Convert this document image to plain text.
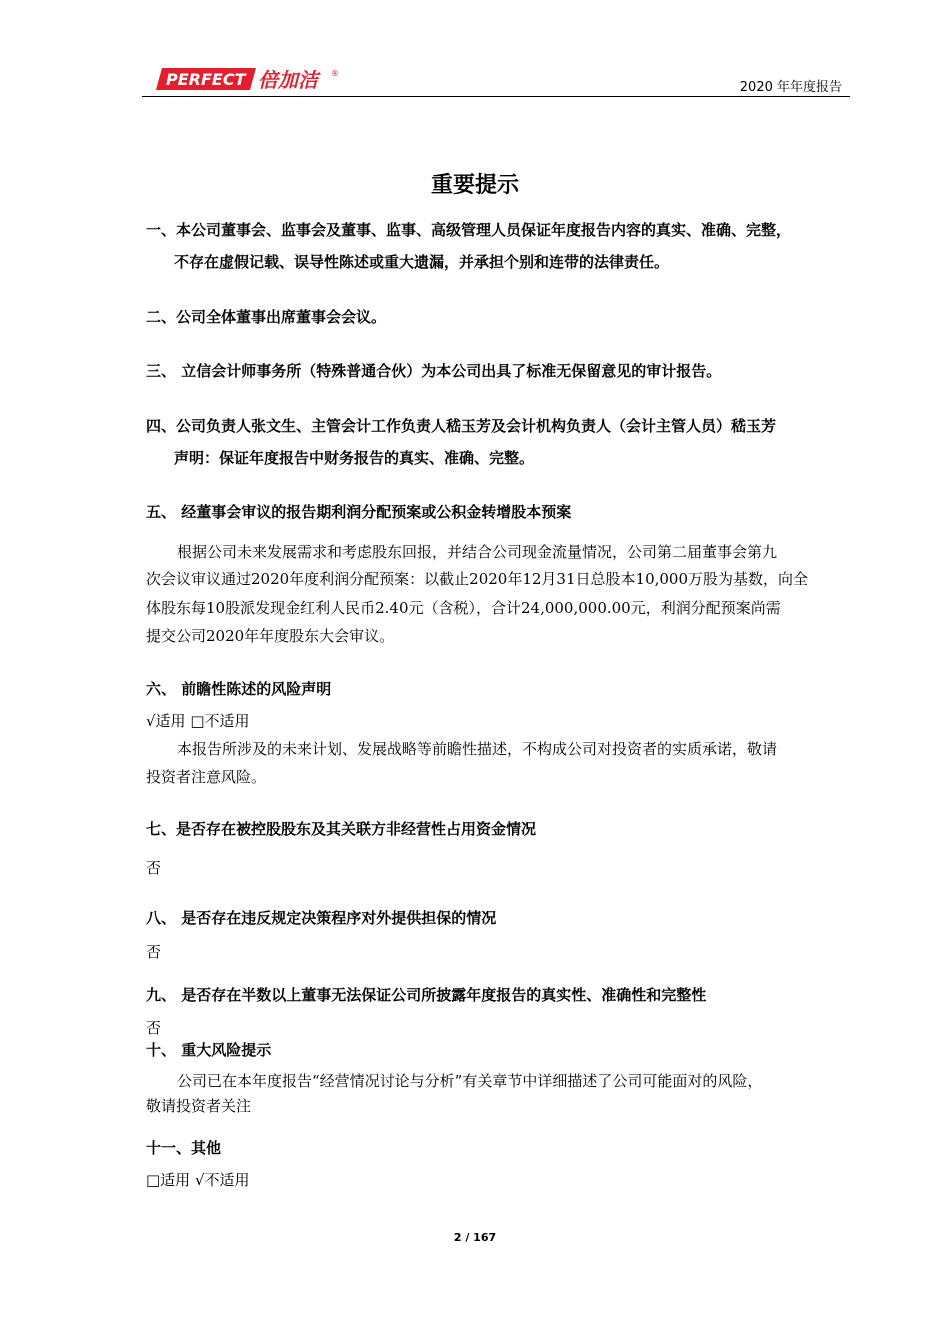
PERFECT 倍加洁	®
2020 年年度报告
重要提示
一、本公司董事会、监事会及董事、监事、高级管理人员保证年度报告内容的真实、准确、完整，
不存在虚假记载、误导性陈述或重大遗漏，并承担个别和连带的法律责任。
二、公司全体董事出席董事会会议。
三、 立信会计师事务所（特殊普通合伙）为本公司出具了标准无保留意见的审计报告。
四、公司负责人张文生、主管会计工作负责人嵇玉芳及会计机构负责人（会计主管人员）嵇玉芳
声明：保证年度报告中财务报告的真实、准确、完整。
五、 经董事会审议的报告期利润分配预案或公积金转增股本预案
根据公司未来发展需求和考虑股东回报，并结合公司现金流量情况，公司第二届董事会第九
次会议审议通过2020年度利润分配预案：以截止2020年12月31日总股本10,000万股为基数，向全
体股东每10股派发现金红利人民币2.40元（含税），合计24,000,000.00元，利润分配预案尚需
提交公司2020年年度股东大会审议。
六、 前瞻性陈述的风险声明
√适用 □不适用
本报告所涉及的未来计划、发展战略等前瞻性描述，不构成公司对投资者的实质承诺，敬请
投资者注意风险。
七、是否存在被控股股东及其关联方非经营性占用资金情况
否
八、 是否存在违反规定决策程序对外提供担保的情况
否
九、 是否存在半数以上董事无法保证公司所披露年度报告的真实性、准确性和完整性
否
十、 重大风险提示
公司已在本年度报告“经营情况讨论与分析”有关章节中详细描述了公司可能面对的风险，
敬请投资者关注
十一、其他
□适用 √不适用
2 / 167
